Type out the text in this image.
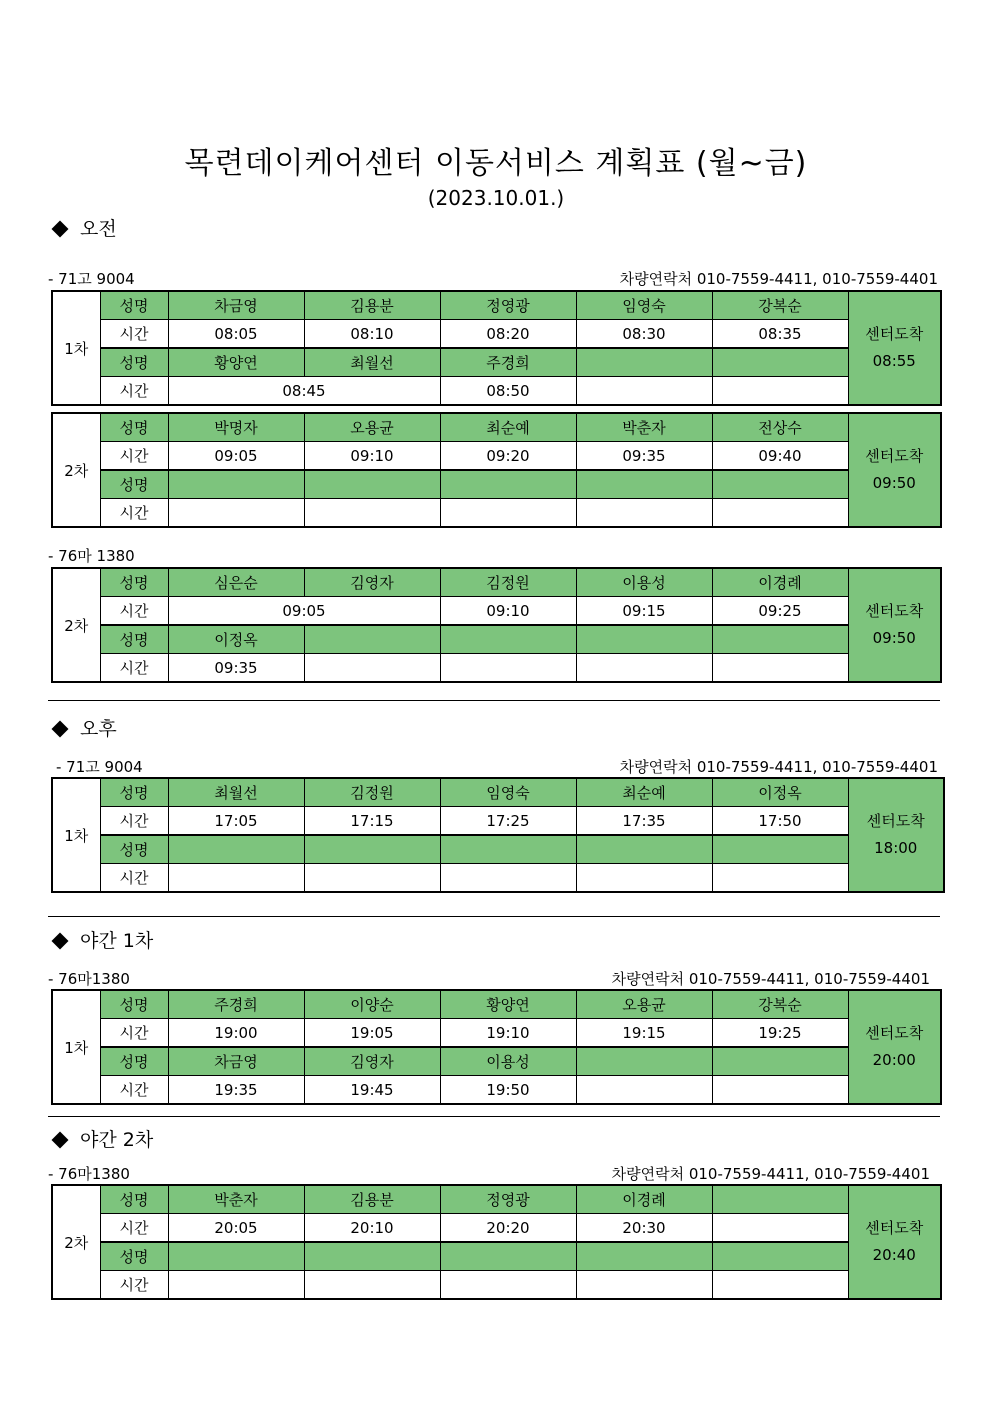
목련데이케어센터 이동서비스 계획표 (월~금)
(2023.10.01.)
오전
- 71고 9004	차량연락처 010-7559-4411, 010-7559-4401
1차	성명	차금영	김용분	정영광	임영숙	강복순	센터도착
08:55

	시간	08:05	08:10	08:20	08:30	08:35	
	성명	황양연	최월선	주경희			
	시간	08:45		08:50			
2차	성명	박명자	오용균	최순예	박춘자	전상수	센터도착
09:50

	시간	09:05	09:10	09:20	09:35	09:40	
	성명						
	시간						
- 76마 1380
2차	성명	심은순	김영자	김정원	이용성	이경례	센터도착
09:50

	시간	09:05		09:10	09:15	09:25	
	성명	이정옥					
	시간	09:35					
오후
- 71고 9004	차량연락처 010-7559-4411, 010-7559-4401
1차	성명	최월선	김정원	임영숙	최순예	이정옥	센터도착
18:00

	시간	17:05	17:15	17:25	17:35	17:50	
	성명						
	시간						
야간 1차
- 76마1380	차량연락처 010-7559-4411, 010-7559-4401
1차	성명	주경희	이양순	황양연	오용균	강복순	센터도착
20:00

	시간	19:00	19:05	19:10	19:15	19:25	
	성명	차금영	김영자	이용성			
	시간	19:35	19:45	19:50			
야간 2차
- 76마1380	차량연락처 010-7559-4411, 010-7559-4401
2차	성명	박춘자	김용분	정영광	이경례		센터도착
20:40

	시간	20:05	20:10	20:20	20:30		
	성명						
	시간						
